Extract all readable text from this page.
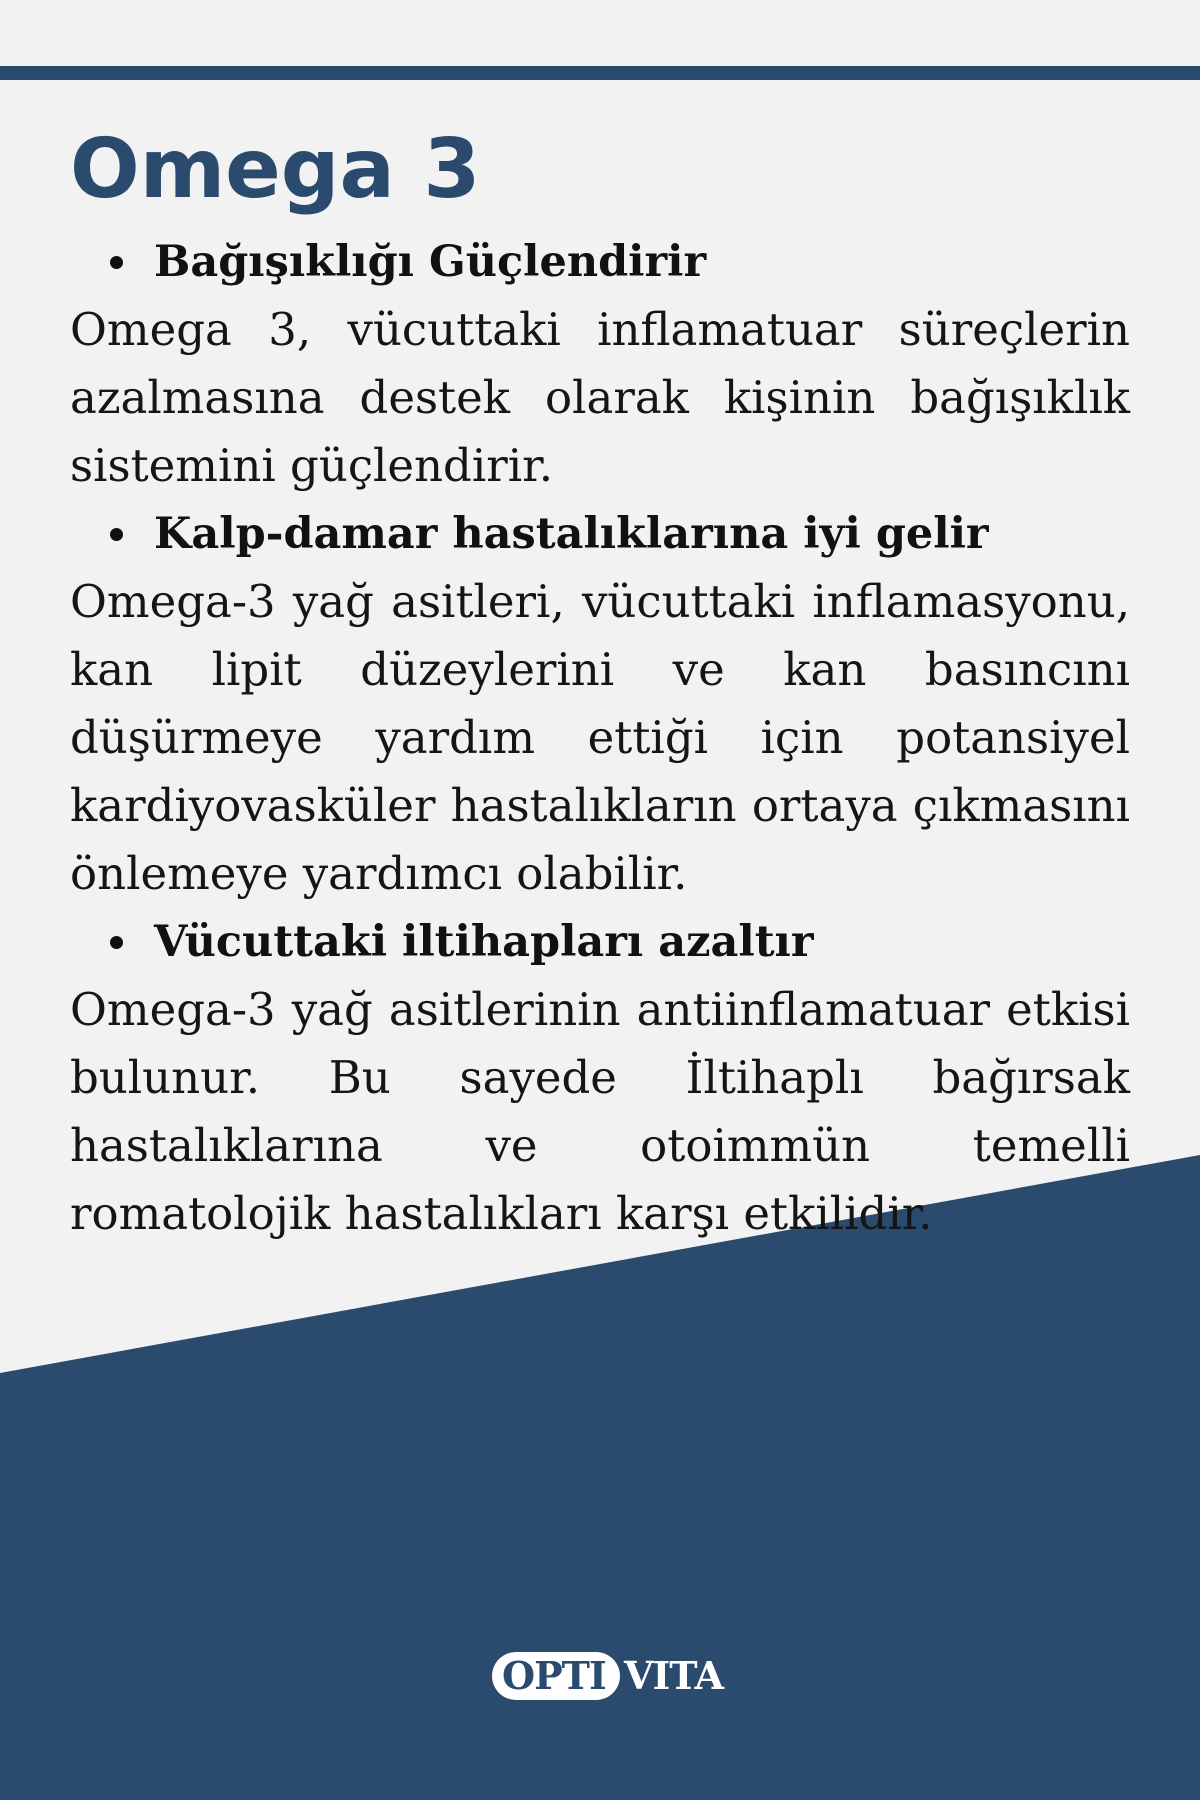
Omega 3

Bağışıklığı Güçlendirir

Omega 3, vücuttaki inflamatuar süreçlerin azalmasına destek olarak kişinin bağışıklık sistemini güçlendirir.

Kalp-damar hastalıklarına iyi gelir

Omega-3 yağ asitleri, vücuttaki inflamasyonu, kan lipit düzeylerini ve kan basıncını düşürmeye yardım ettiği için potansiyel kardiyovasküler hastalıkların ortaya çıkmasını önlemeye yardımcı olabilir.

Vücuttaki iltihapları azaltır

Omega-3 yağ asitlerinin antiinflamatuar etkisi bulunur. Bu sayede İltihaplı bağırsak hastalıklarına ve otoimmün temelli romatolojik hastalıkları karşı etkilidir.

OPTI VITA
